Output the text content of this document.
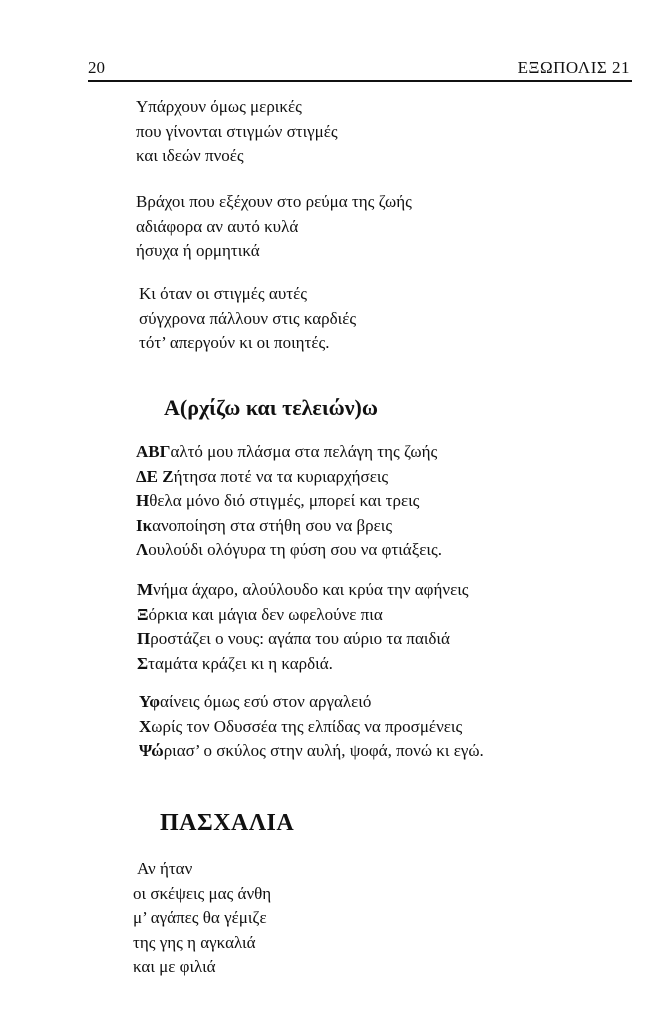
20	ΕΞΩΠΟΛΙΣ 21
Υπάρχουν όμως μερικές
που γίνονται στιγμών στιγμές
και ιδεών πνοές
Βράχοι που εξέχουν στο ρεύμα της ζωής
αδιάφορα αν αυτό κυλά
ήσυχα ή ορμητικά
Κι όταν οι στιγμές αυτές
σύγχρονα πάλλουν στις καρδιές
τότ’ απεργούν κι οι ποιητές.
Α(ρχίζω και τελειών)ω
ΑΒΓαλτό μου πλάσμα στα πελάγη της ζωής
ΔΕ Ζήτησα ποτέ να τα κυριαρχήσεις
Ηθελα μόνο διό στιγμές, μπορεί και τρεις
Ικανοποίηση στα στήθη σου να βρεις
Λουλούδι ολόγυρα τη φύση σου να φτιάξεις.
Μνήμα άχαρο, αλούλουδο και κρύα την αφήνεις
Ξόρκια και μάγια δεν ωφελούνε πια
Προστάζει ο νους: αγάπα του αύριο τα παιδιά
Σταμάτα κράζει κι η καρδιά.
Υφαίνεις όμως εσύ στον αργαλειό
Χωρίς τον Οδυσσέα της ελπίδας να προσμένεις
Ψώριασ’ ο σκύλος στην αυλή, ψοφά, πονώ κι εγώ.
ΠΑΣΧΑΛΙΑ
Αν ήταν
οι σκέψεις μας άνθη
μ’ αγάπες θα γέμιζε
της γης η αγκαλιά
και με φιλιά
